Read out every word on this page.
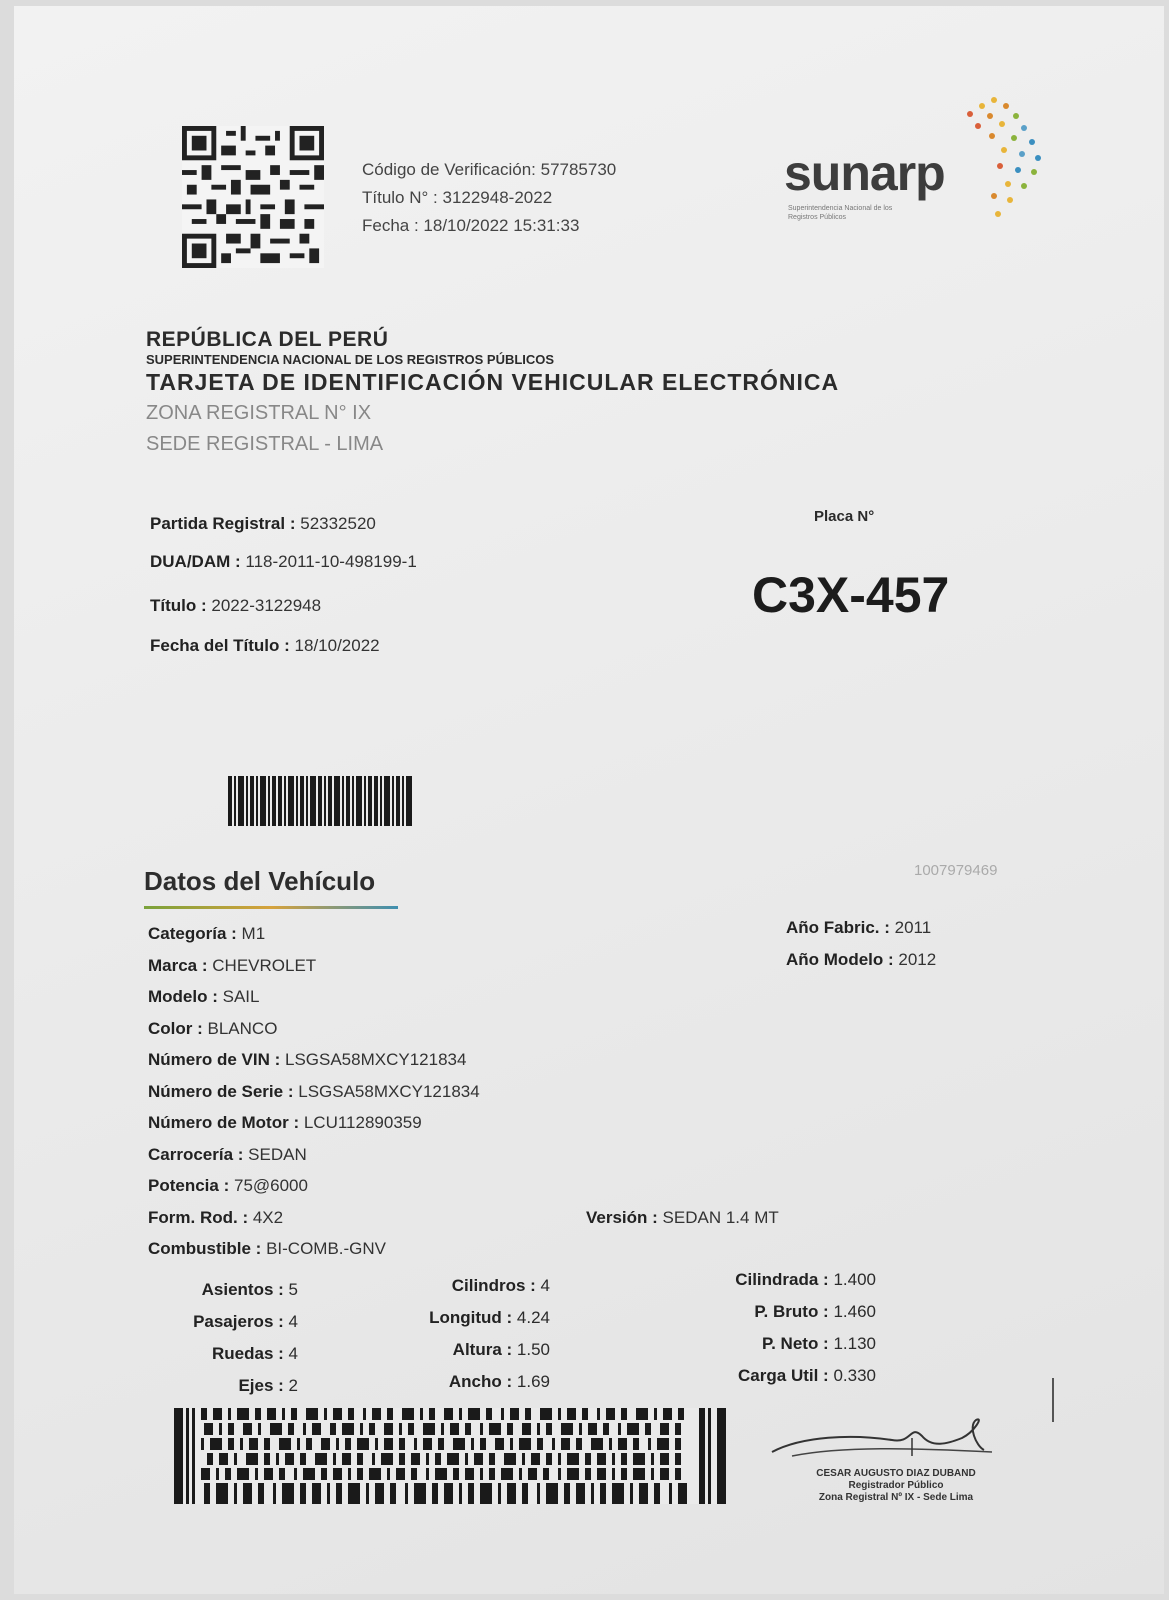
Código de Verificación: 57785730
Título N° : 3122948-2022
Fecha : 18/10/2022 15:31:33
sunarp
Superintendencia Nacional de los Registros Públicos
REPÚBLICA DEL PERÚ
SUPERINTENDENCIA NACIONAL DE LOS REGISTROS PÚBLICOS
TARJETA DE IDENTIFICACIÓN VEHICULAR ELECTRÓNICA
ZONA REGISTRAL N° IX
SEDE REGISTRAL - LIMA
Partida Registral : 52332520
DUA/DAM : 118-2011-10-498199-1
Título : 2022-3122948
Fecha del Título : 18/10/2022
Placa N°
C3X-457
1007979469
Datos del Vehículo
Categoría : M1
Marca : CHEVROLET
Modelo : SAIL
Color : BLANCO
Número de VIN : LSGSA58MXCY121834
Número de Serie : LSGSA58MXCY121834
Número de Motor : LCU112890359
Carrocería : SEDAN
Potencia : 75@6000
Form. Rod. : 4X2
Combustible : BI-COMB.-GNV
Año Fabric. : 2011
Año Modelo : 2012
Versión : SEDAN 1.4 MT
Asientos : 5
Pasajeros : 4
Ruedas : 4
Ejes : 2
Cilindros : 4
Longitud : 4.24
Altura : 1.50
Ancho : 1.69
Cilindrada : 1.400
P. Bruto : 1.460
P. Neto : 1.130
Carga Util : 0.330
CESAR AUGUSTO DIAZ DUBAND
Registrador Público
Zona Registral Nº IX - Sede Lima
